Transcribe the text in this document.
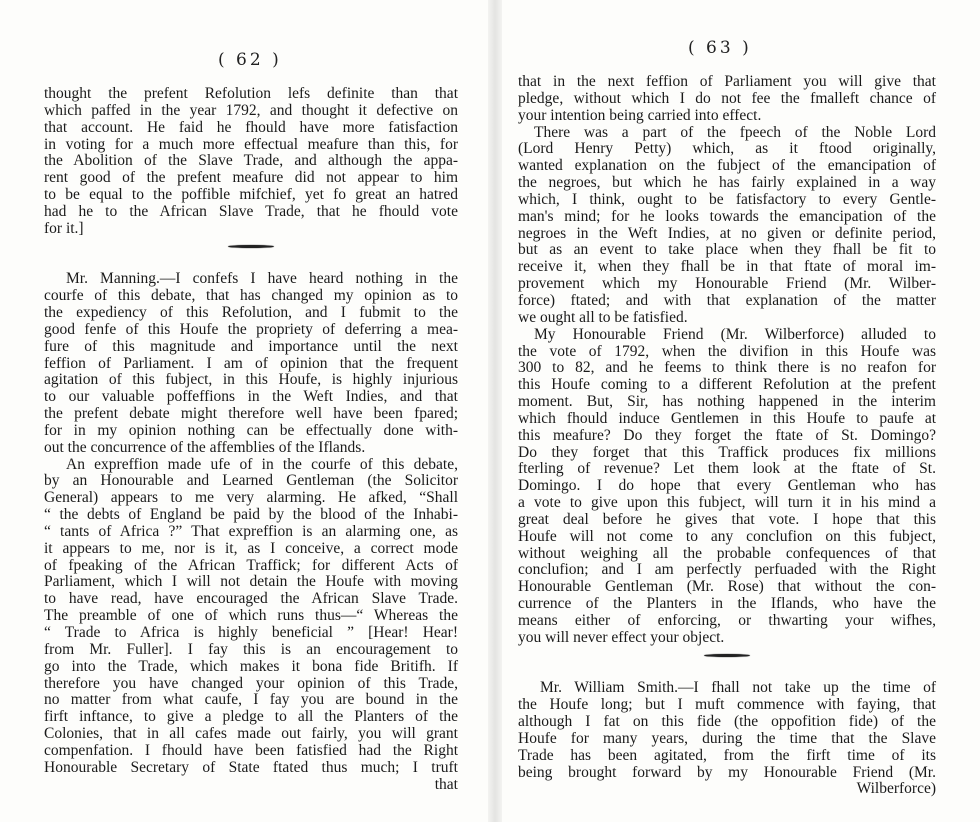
( 62 )
thought the prefent Refolution lefs definite than that
which paffed in the year 1792, and thought it defective on
that account. He faid he fhould have more fatisfaction
in voting for a much more effectual meafure than this, for
the Abolition of the Slave Trade, and although the appa-
rent good of the prefent meafure did not appear to him
to be equal to the poffible mifchief, yet fo great an hatred
had he to the African Slave Trade, that he fhould vote
for it.]
Mr. Manning.—I confefs I have heard nothing in the
courfe of this debate, that has changed my opinion as to
the expediency of this Refolution, and I fubmit to the
good fenfe of this Houfe the propriety of deferring a mea-
fure of this magnitude and importance until the next
feffion of Parliament. I am of opinion that the frequent
agitation of this fubject, in this Houfe, is highly injurious
to our valuable poffeffions in the Weft Indies, and that
the prefent debate might therefore well have been fpared;
for in my opinion nothing can be effectually done with-
out the concurrence of the affemblies of the Iflands.
An expreffion made ufe of in the courfe of this debate,
by an Honourable and Learned Gentleman (the Solicitor
General) appears to me very alarming. He afked, “Shall
“ the debts of England be paid by the blood of the Inhabi-
“ tants of Africa ?” That expreffion is an alarming one, as
it appears to me, nor is it, as I conceive, a correct mode
of fpeaking of the African Traffick; for different Acts of
Parliament, which I will not detain the Houfe with moving
to have read, have encouraged the African Slave Trade.
The preamble of one of which runs thus—“ Whereas the
“ Trade to Africa is highly beneficial ” [Hear! Hear!
from Mr. Fuller]. I fay this is an encouragement to
go into the Trade, which makes it bona fide Britifh. If
therefore you have changed your opinion of this Trade,
no matter from what caufe, I fay you are bound in the
firft inftance, to give a pledge to all the Planters of the
Colonies, that in all cafes made out fairly, you will grant
compenfation. I fhould have been fatisfied had the Right
Honourable Secretary of State ftated thus much; I truft
that
( 63 )
that in the next feffion of Parliament you will give that
pledge, without which I do not fee the fmalleft chance of
your intention being carried into effect.
There was a part of the fpeech of the Noble Lord
(Lord Henry Petty) which, as it ftood originally,
wanted explanation on the fubject of the emancipation of
the negroes, but which he has fairly explained in a way
which, I think, ought to be fatisfactory to every Gentle-
man's mind; for he looks towards the emancipation of the
negroes in the Weft Indies, at no given or definite period,
but as an event to take place when they fhall be fit to
receive it, when they fhall be in that ftate of moral im-
provement which my Honourable Friend (Mr. Wilber-
force) ftated; and with that explanation of the matter
we ought all to be fatisfied.
My Honourable Friend (Mr. Wilberforce) alluded to
the vote of 1792, when the divifion in this Houfe was
300 to 82, and he feems to think there is no reafon for
this Houfe coming to a different Refolution at the prefent
moment. But, Sir, has nothing happened in the interim
which fhould induce Gentlemen in this Houfe to paufe at
this meafure? Do they forget the ftate of St. Domingo?
Do they forget that this Traffick produces fix millions
fterling of revenue? Let them look at the ftate of St.
Domingo. I do hope that every Gentleman who has
a vote to give upon this fubject, will turn it in his mind a
great deal before he gives that vote. I hope that this
Houfe will not come to any conclufion on this fubject,
without weighing all the probable confequences of that
conclufion; and I am perfectly perfuaded with the Right
Honourable Gentleman (Mr. Rose) that without the con-
currence of the Planters in the Iflands, who have the
means either of enforcing, or thwarting your wifhes,
you will never effect your object.
Mr. William Smith.—I fhall not take up the time of
the Houfe long; but I muft commence with faying, that
although I fat on this fide (the oppofition fide) of the
Houfe for many years, during the time that the Slave
Trade has been agitated, from the firft time of its
being brought forward by my Honourable Friend (Mr.
Wilberforce)
